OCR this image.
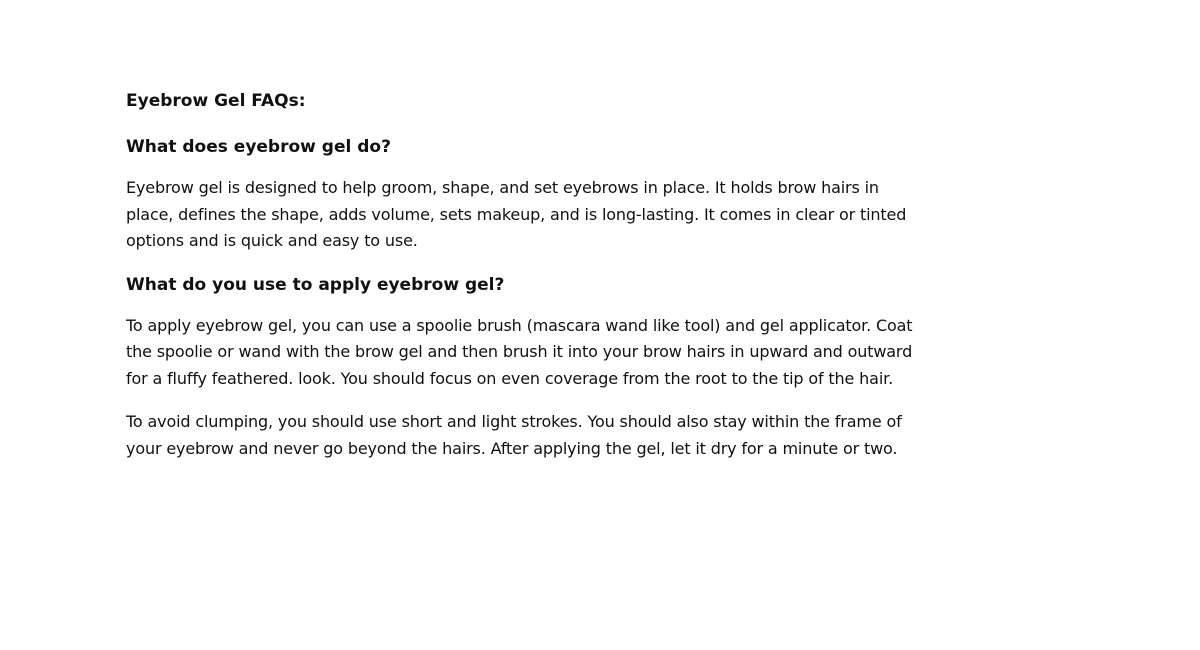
Eyebrow Gel FAQs:
What does eyebrow gel do?

Eyebrow gel is designed to help groom, shape, and set eyebrows in place. It holds brow hairs in place, defines the shape, adds volume, sets makeup, and is long-lasting. It comes in clear or tinted options and is quick and easy to use.

What do you use to apply eyebrow gel?

To apply eyebrow gel, you can use a spoolie brush (mascara wand like tool) and gel applicator. Coat the spoolie or wand with the brow gel and then brush it into your brow hairs in upward and outward for a fluffy feathered. look. You should focus on even coverage from the root to the tip of the hair.

To avoid clumping, you should use short and light strokes. You should also stay within the frame of your eyebrow and never go beyond the hairs. After applying the gel, let it dry for a minute or two.
